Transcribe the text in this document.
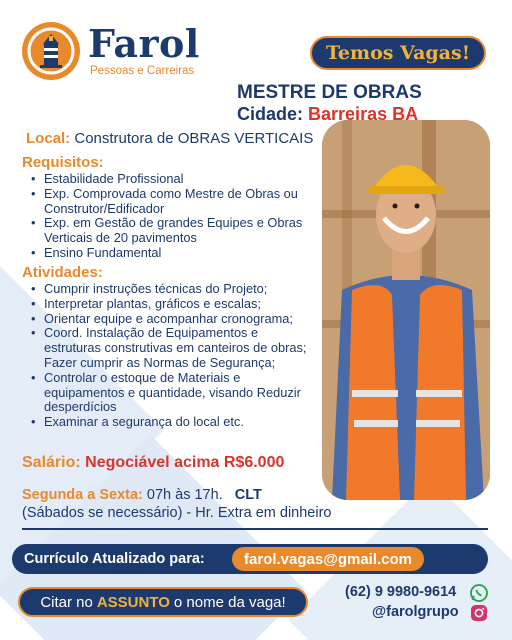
Farol
Pessoas e Carreiras
Temos Vagas!
MESTRE DE OBRAS
Cidade: Barreiras BA
Local: Construtora de OBRAS VERTICAIS
Requisitos:
• Estabilidade Profissional
• Exp. Comprovada como Mestre de Obras ou Construtor/Edificador
• Exp. em Gestão de grandes Equipes e Obras Verticais de 20 pavimentos
• Ensino Fundamental
Atividades:
• Cumprir instruções técnicas do Projeto;
• Interpretar plantas, gráficos e escalas;
• Orientar equipe e acompanhar cronograma;
• Coord. Instalação de Equipamentos e estruturas construtivas em canteiros de obras; Fazer cumprir as Normas de Segurança;
• Controlar o estoque de Materiais e equipamentos e quantidade, visando Reduzir desperdícios
• Examinar a segurança do local etc.
Salário: Negociável acima R$6.000
Segunda a Sexta: 07h às 17h. CLT
(Sábados se necessário) - Hr. Extra em dinheiro
Currículo Atualizado para:	farol.vagas@gmail.com
Citar no ASSUNTO o nome da vaga!
(62) 9 9980-9614
@farolgrupo
